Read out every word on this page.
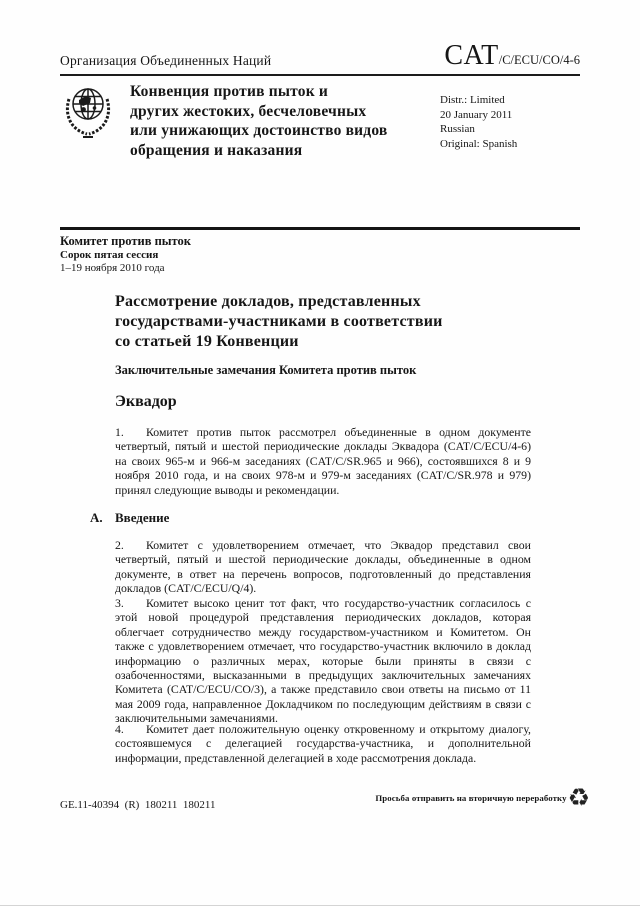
Организация Объединенных Наций	CAT/C/ECU/CO/4-6
Конвенция против пыток и
других жестоких, бесчеловечных
или унижающих достоинство видов
обращения и наказания
Distr.: Limited
20 January 2011
Russian
Original: Spanish
Комитет против пыток
Сорок пятая сессия
1–19 ноября 2010 года
Рассмотрение докладов, представленных
государствами-участниками в соответствии
со статьей 19 Конвенции
Заключительные замечания Комитета против пыток
Эквадор

1. Комитет против пыток рассмотрел объединенные в одном документе четвертый, пятый и шестой периодические доклады Эквадора (CAT/C/ECU/4-6) на своих 965-м и 966-м заседаниях (CAT/C/SR.965 и 966), состоявшихся 8 и 9 ноября 2010 года, и на своих 978-м и 979-м заседаниях (CAT/C/SR.978 и 979) принял следующие выводы и рекомендации.

A. Введение

2. Комитет с удовлетворением отмечает, что Эквадор представил свои четвертый, пятый и шестой периодические доклады, объединенные в одном документе, в ответ на перечень вопросов, подготовленный до представления докладов (CAT/C/ECU/Q/4).

3. Комитет высоко ценит тот факт, что государство-участник согласилось с этой новой процедурой представления периодических докладов, которая облегчает сотрудничество между государством-участником и Комитетом. Он также с удовлетворением отмечает, что государство-участник включило в доклад информацию о различных мерах, которые были приняты в связи с озабоченностями, высказанными в предыдущих заключительных замечаниях Комитета (CAT/C/ECU/CO/3), а также представило свои ответы на письмо от 11 мая 2009 года, направленное Докладчиком по последующим действиям в связи с заключительными замечаниями.

4. Комитет дает положительную оценку откровенному и открытому диалогу, состоявшемуся с делегацией государства-участника, и дополнительной информации, представленной делегацией в ходе рассмотрения доклада.

GE.11-40394  (R)  180211  180211
Просьба отправить на вторичную переработку ♻
